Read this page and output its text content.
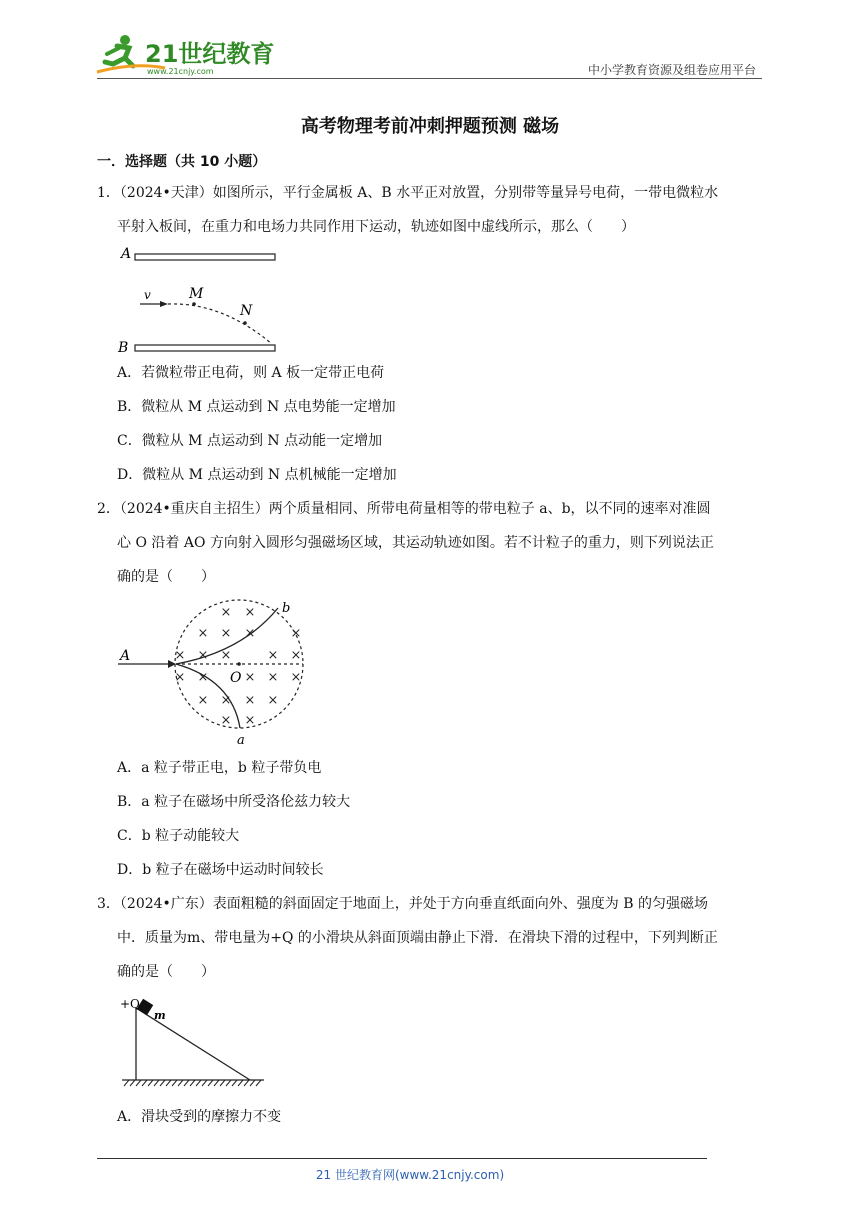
21世纪教育
www.21cnjy.com	中小学教育资源及组卷应用平台
高考物理考前冲刺押题预测 磁场
一．选择题（共 10 小题）
1．（2024•天津）如图所示，平行金属板 A、B 水平正对放置，分别带等量异号电荷，一带电微粒水
平射入板间，在重力和电场力共同作用下运动，轨迹如图中虚线所示，那么（　　）
A
B
v	M
N
A．若微粒带正电荷，则 A 板一定带正电荷
B．微粒从 M 点运动到 N 点电势能一定增加
C．微粒从 M 点运动到 N 点动能一定增加
D．微粒从 M 点运动到 N 点机械能一定增加
2．（2024•重庆自主招生）两个质量相同、所带电荷量相等的带电粒子 a、b，以不同的速率对准圆
心 O 沿着 AO 方向射入圆形匀强磁场区域，其运动轨迹如图。若不计粒子的重力，则下列说法正
确的是（　　）
A
O
b
a
× ×
× × ×	×
× × ×	× ×
× ×	× × ×
× × × ×
× ×
A．a 粒子带正电，b 粒子带负电
B．a 粒子在磁场中所受洛伦兹力较大
C．b 粒子动能较大
D．b 粒子在磁场中运动时间较长
3．（2024•广东）表面粗糙的斜面固定于地面上，并处于方向垂直纸面向外、强度为 B 的匀强磁场
中．质量为m、带电量为+Q 的小滑块从斜面顶端由静止下滑．在滑块下滑的过程中，下列判断正
确的是（　　）
+Q
m
A．滑块受到的摩擦力不变
21 世纪教育网(www.21cnjy.com)
